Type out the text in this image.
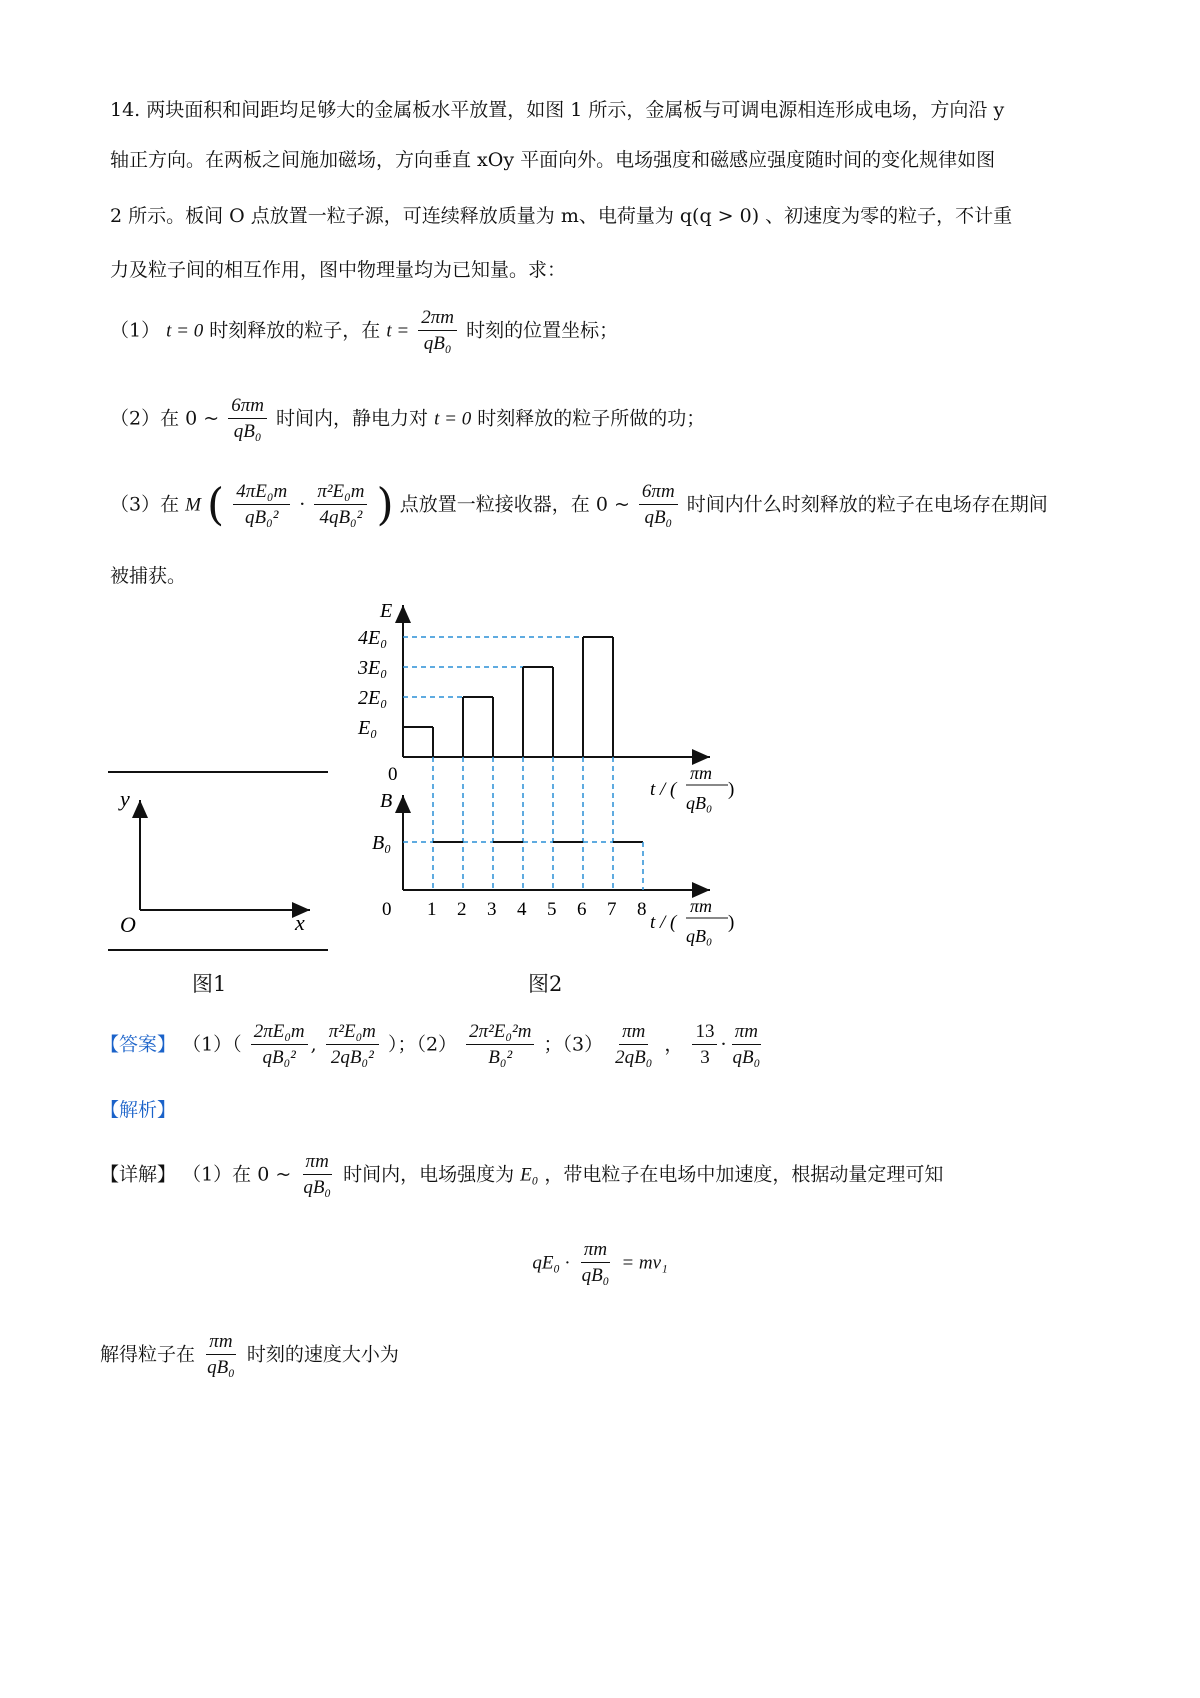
14. 两块面积和间距均足够大的金属板水平放置，如图 1 所示，金属板与可调电源相连形成电场，方向沿 y
轴正方向。在两板之间施加磁场，方向垂直 xOy 平面向外。电场强度和磁感应强度随时间的变化规律如图
2 所示。板间 O 点放置一粒子源，可连续释放质量为 m、电荷量为 q(q > 0) 、初速度为零的粒子，不计重
力及粒子间的相互作用，图中物理量均为已知量。求：
（1） t = 0 时刻释放的粒子，在 $t = \frac{2\pi m}{\text{qB₀}}$ 时刻的位置坐标；
（2）在 0 ~ $\frac{6\pi m}{\text{qB₀}}$ 时间内，静电力对 t = 0 时刻释放的粒子所做的功；
（3）在 M ( $\frac{\text{4πE₀m}}{\text{qB₀²}} \cdot \frac{\text{π²E₀m}}{\text{4qB₀²}}$ ) 点放置一粒接收器，在 0 ~ $\frac{6\pi m}{\text{qB₀}}$ 时间内什么时刻释放的粒子在电场存在期间
被捕获。
y
x
O
图1
E
B
0
t / (
πm
qB₀
)
t / (
πm
qB₀
)
E₀
2E₀
3E₀
4E₀
B₀
0 1 2 3 4 5 6 7 8
图2
【答案】 $(1)( \frac{\text{2πE₀m}}{\text{qB₀²}}$ , $\frac{\text{π²E₀m}}{\text{2qB₀²}}$ ）；$(2) \frac{\text{2π²E₀²m}}{\text{B₀²}}$ ；$(3) \frac{\pi m}{\text{2qB₀}}$ ， $\frac{13}{3} \cdot \frac{\pi m}{\text{qB₀}}$
【解析】
【详解】 （1）在 0 ~ $\frac{\pi m}{\text{qB₀}}$ 时间内，电场强度为 E₀ ，带电粒子在电场中加速度，根据动量定理可知
$qE_0 \cdot \frac{\pi m}{\text{qB₀}} = mv_1$
解得粒子在 $\frac{\pi m}{\text{qB₀}}$ 时刻的速度大小为
